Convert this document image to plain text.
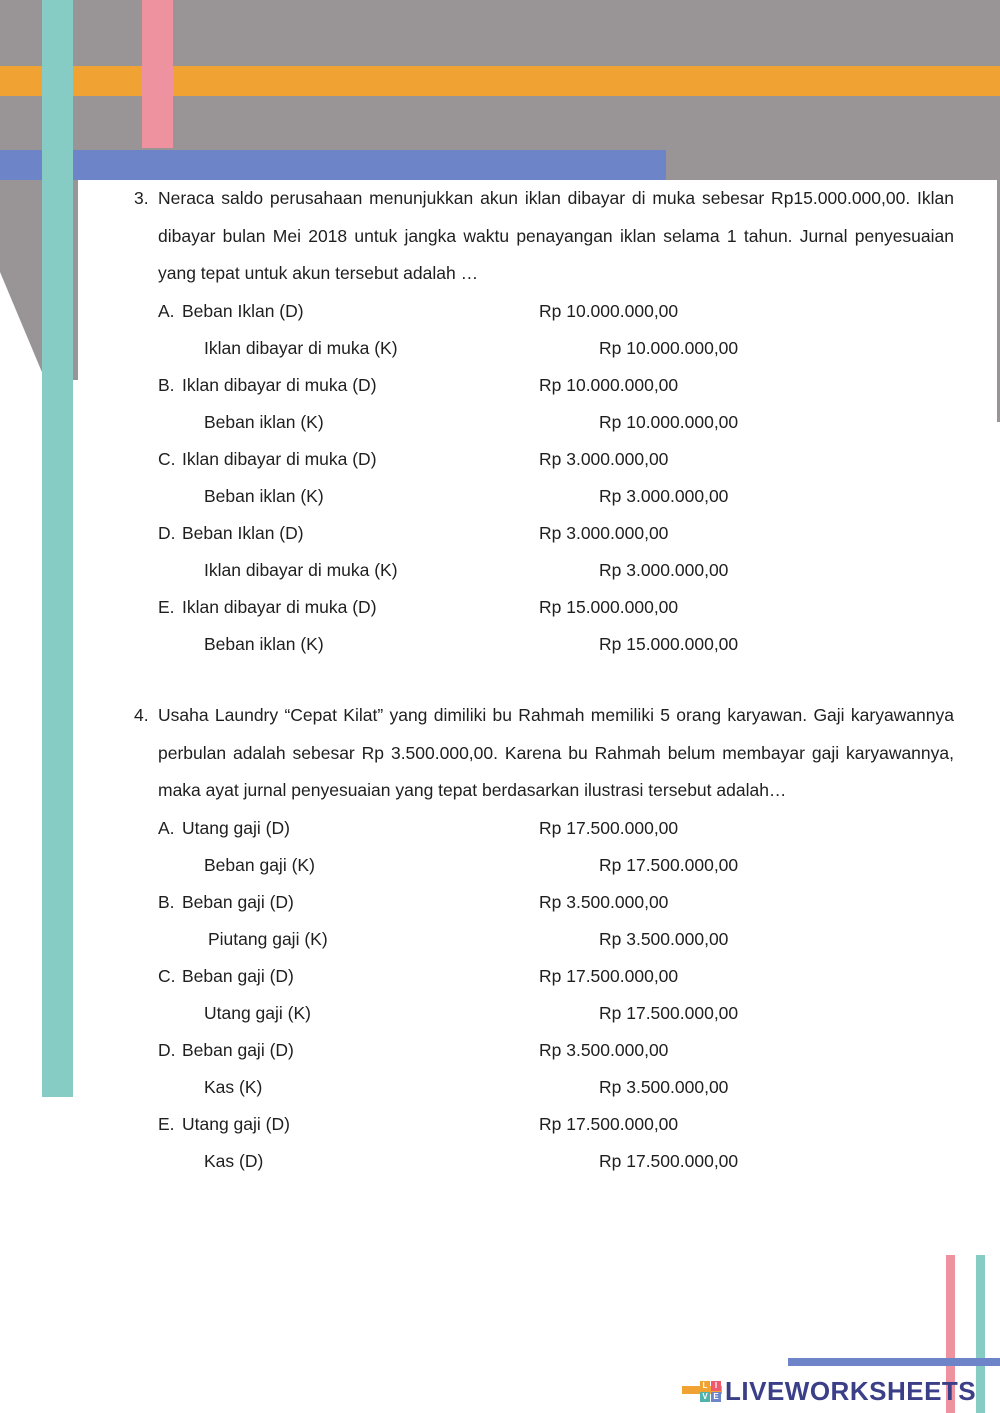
3. Neraca saldo perusahaan menunjukkan akun iklan dibayar di muka sebesar Rp15.000.000,00. Iklan dibayar bulan Mei 2018 untuk jangka waktu penayangan iklan selama 1 tahun. Jurnal penyesuaian yang tepat untuk akun tersebut adalah …
A. Beban Iklan (D)	Rp 10.000.000,00
Iklan dibayar di muka (K)	Rp 10.000.000,00
B. Iklan dibayar di muka (D)	Rp 10.000.000,00
Beban iklan (K)	Rp 10.000.000,00
C. Iklan dibayar di muka (D)	Rp 3.000.000,00
Beban iklan (K)	Rp 3.000.000,00
D. Beban Iklan (D)	Rp 3.000.000,00
Iklan dibayar di muka (K)	Rp 3.000.000,00
E. Iklan dibayar di muka (D)	Rp 15.000.000,00
Beban iklan (K)	Rp 15.000.000,00
4. Usaha Laundry “Cepat Kilat” yang dimiliki bu Rahmah memiliki 5 orang karyawan. Gaji karyawannya perbulan adalah sebesar Rp 3.500.000,00. Karena bu Rahmah belum membayar gaji karyawannya, maka ayat jurnal penyesuaian yang tepat berdasarkan ilustrasi tersebut adalah…
A. Utang gaji (D)	Rp 17.500.000,00
Beban gaji (K)	Rp 17.500.000,00
B. Beban gaji (D)	Rp 3.500.000,00
Piutang gaji (K)	Rp 3.500.000,00
C. Beban gaji (D)	Rp 17.500.000,00
Utang gaji (K)	Rp 17.500.000,00
D. Beban gaji (D)	Rp 3.500.000,00
Kas (K)	Rp 3.500.000,00
E. Utang gaji (D)	Rp 17.500.000,00
Kas (D)	Rp 17.500.000,00
L I
V E LIVEWORKSHEETS
